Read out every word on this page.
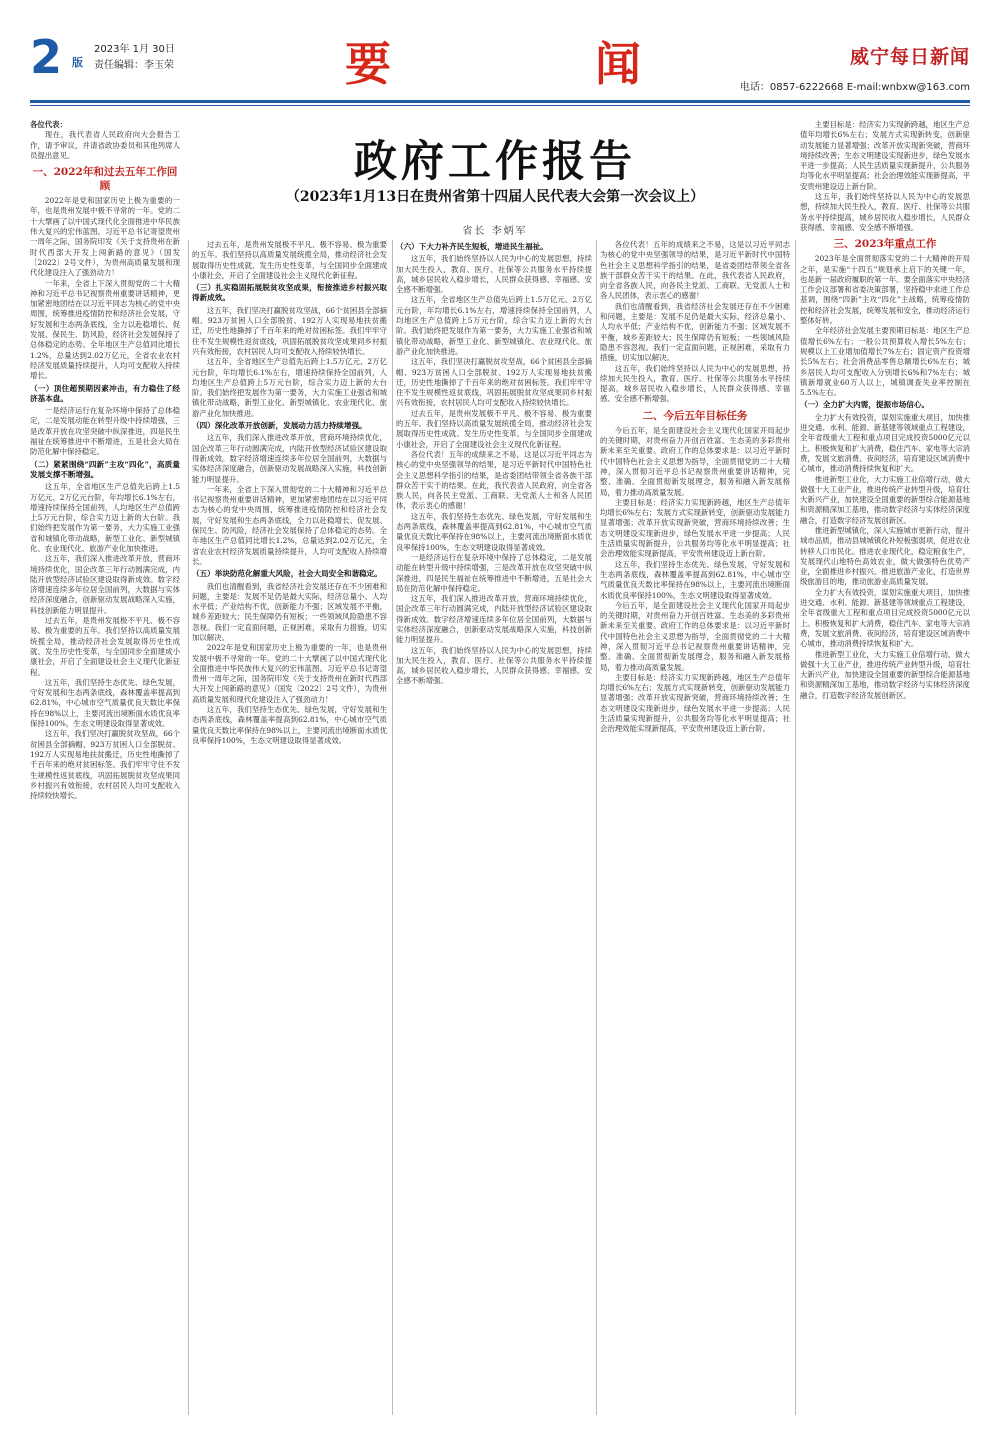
2 版
2023年 1月 30日
责任编辑：李玉荣	要	闻	威宁每日新闻
电话：0857-6222668 E-mail:wnbxw@163.com
政府工作报告
（2023年1月13日在贵州省第十四届人民代表大会第一次会议上）
省长 李炳军

各位代表：

现在，我代表省人民政府向大会报告工作，请予审议，并请省政协委员和其他列席人员提出意见。

一、2022年和过去五年工作回顾

2022年是党和国家历史上极为重要的一年，也是贵州发展中极不寻常的一年。党的二十大擘画了以中国式现代化全面推进中华民族伟大复兴的宏伟蓝图。习近平总书记寄望贵州一周年之际，国务院印发《关于支持贵州在新时代西部大开发上闯新路的意见》（国发〔2022〕2号文件），为贵州高质量发展和现代化建设注入了强劲动力！

一年来，全省上下深入贯彻党的二十大精神和习近平总书记视察贵州重要讲话精神，更加紧密地团结在以习近平同志为核心的党中央周围，统筹推进疫情防控和经济社会发展，守好发展和生态两条底线，全力以赴稳增长、促发展、保民生、防风险，经济社会发展保持了总体稳定的态势。全年地区生产总值同比增长1.2%，总量达到2.02万亿元，全省农业农村经济发展质量持续提升，人均可支配收入持续增长。

（一）顶住超预期因素冲击，有力稳住了经济基本盘。

一是经济运行在复杂环境中保持了总体稳定，二是发展动能在转型升级中持续增强，三是改革开放在攻坚突破中纵深推进，四是民生福祉在统筹推进中不断增进，五是社会大局在防范化解中保持稳定。

（二）紧紧围绕“四新”主攻“四化”，高质量发展支撑不断增强。

这五年，全省地区生产总值先后跨上1.5万亿元、2万亿元台阶，年均增长6.1%左右，增速持续保持全国前列，人均地区生产总值跨上5万元台阶，综合实力迈上新的大台阶。我们始终把发展作为第一要务，大力实施工业强省和城镇化带动战略，新型工业化、新型城镇化、农业现代化、旅游产业化加快推进。

这五年，我们深入推进改革开放，营商环境持续优化，国企改革三年行动圆满完成，内陆开放型经济试验区建设取得新成效。数字经济增速连续多年位居全国前列，大数据与实体经济深度融合，创新驱动发展战略深入实施，科技创新能力明显提升。

过去五年，是贵州发展极不平凡、极不容易、极为重要的五年。我们坚持以高质量发展统揽全局，推动经济社会发展取得历史性成就、发生历史性变革，与全国同步全面建成小康社会，开启了全面建设社会主义现代化新征程。

这五年，我们坚持生态优先、绿色发展，守好发展和生态两条底线，森林覆盖率提高到62.81%，中心城市空气质量优良天数比率保持在98%以上，主要河流出境断面水质优良率保持100%，生态文明建设取得显著成效。

这五年，我们坚决打赢脱贫攻坚战，66个贫困县全部摘帽、923万贫困人口全部脱贫、192万人实现易地扶贫搬迁，历史性地撕掉了千百年来的绝对贫困标签。我们牢牢守住不发生规模性返贫底线，巩固拓展脱贫攻坚成果同乡村振兴有效衔接，农村居民人均可支配收入持续较快增长。

过去五年，是贵州发展极不平凡、极不容易、极为重要的五年。我们坚持以高质量发展统揽全局，推动经济社会发展取得历史性成就、发生历史性变革，与全国同步全面建成小康社会，开启了全面建设社会主义现代化新征程。

（三）扎实稳固拓展脱贫攻坚成果，衔接推进乡村振兴取得新成效。

这五年，我们坚决打赢脱贫攻坚战，66个贫困县全部摘帽、923万贫困人口全部脱贫、192万人实现易地扶贫搬迁，历史性地撕掉了千百年来的绝对贫困标签。我们牢牢守住不发生规模性返贫底线，巩固拓展脱贫攻坚成果同乡村振兴有效衔接，农村居民人均可支配收入持续较快增长。

这五年，全省地区生产总值先后跨上1.5万亿元、2万亿元台阶，年均增长6.1%左右，增速持续保持全国前列，人均地区生产总值跨上5万元台阶，综合实力迈上新的大台阶。我们始终把发展作为第一要务，大力实施工业强省和城镇化带动战略，新型工业化、新型城镇化、农业现代化、旅游产业化加快推进。

（四）深化改革开放创新，发展动力活力持续增强。

这五年，我们深入推进改革开放，营商环境持续优化，国企改革三年行动圆满完成，内陆开放型经济试验区建设取得新成效。数字经济增速连续多年位居全国前列，大数据与实体经济深度融合，创新驱动发展战略深入实施，科技创新能力明显提升。

一年来，全省上下深入贯彻党的二十大精神和习近平总书记视察贵州重要讲话精神，更加紧密地团结在以习近平同志为核心的党中央周围，统筹推进疫情防控和经济社会发展，守好发展和生态两条底线，全力以赴稳增长、促发展、保民生、防风险，经济社会发展保持了总体稳定的态势。全年地区生产总值同比增长1.2%，总量达到2.02万亿元，全省农业农村经济发展质量持续提升，人均可支配收入持续增长。

（五）举块防范化解重大风险，社会大局安全和谐稳定。

我们也清醒看到，我省经济社会发展还存在不少困难和问题，主要是：发展不足仍是最大实际，经济总量小、人均水平低；产业结构不优，创新能力不强；区域发展不平衡，城乡差距较大；民生保障仍有短板；一些领域风险隐患不容忽视。我们一定直面问题，正视困难，采取有力措施，切实加以解决。

2022年是党和国家历史上极为重要的一年，也是贵州发展中极不寻常的一年。党的二十大擘画了以中国式现代化全面推进中华民族伟大复兴的宏伟蓝图。习近平总书记寄望贵州一周年之际，国务院印发《关于支持贵州在新时代西部大开发上闯新路的意见》（国发〔2022〕2号文件），为贵州高质量发展和现代化建设注入了强劲动力！

这五年，我们坚持生态优先、绿色发展，守好发展和生态两条底线，森林覆盖率提高到62.81%，中心城市空气质量优良天数比率保持在98%以上，主要河流出境断面水质优良率保持100%，生态文明建设取得显著成效。

（六）下大力补齐民生短板，增进民生福祉。

这五年，我们始终坚持以人民为中心的发展思想，持续加大民生投入，教育、医疗、社保等公共服务水平持续提高，城乡居民收入稳步增长，人民群众获得感、幸福感、安全感不断增强。

这五年，全省地区生产总值先后跨上1.5万亿元、2万亿元台阶，年均增长6.1%左右，增速持续保持全国前列，人均地区生产总值跨上5万元台阶，综合实力迈上新的大台阶。我们始终把发展作为第一要务，大力实施工业强省和城镇化带动战略，新型工业化、新型城镇化、农业现代化、旅游产业化加快推进。

这五年，我们坚决打赢脱贫攻坚战，66个贫困县全部摘帽、923万贫困人口全部脱贫、192万人实现易地扶贫搬迁，历史性地撕掉了千百年来的绝对贫困标签。我们牢牢守住不发生规模性返贫底线，巩固拓展脱贫攻坚成果同乡村振兴有效衔接，农村居民人均可支配收入持续较快增长。

过去五年，是贵州发展极不平凡、极不容易、极为重要的五年。我们坚持以高质量发展统揽全局，推动经济社会发展取得历史性成就、发生历史性变革，与全国同步全面建成小康社会，开启了全面建设社会主义现代化新征程。

各位代表！五年的成绩来之不易，这是以习近平同志为核心的党中央坚强领导的结果，是习近平新时代中国特色社会主义思想科学指引的结果，是省委团结带领全省各族干部群众苦干实干的结果。在此，我代表省人民政府，向全省各族人民，向各民主党派、工商联、无党派人士和各人民团体，表示衷心的感谢！

这五年，我们坚持生态优先、绿色发展，守好发展和生态两条底线，森林覆盖率提高到62.81%，中心城市空气质量优良天数比率保持在98%以上，主要河流出境断面水质优良率保持100%，生态文明建设取得显著成效。

一是经济运行在复杂环境中保持了总体稳定，二是发展动能在转型升级中持续增强，三是改革开放在攻坚突破中纵深推进，四是民生福祉在统筹推进中不断增进，五是社会大局在防范化解中保持稳定。

这五年，我们深入推进改革开放，营商环境持续优化，国企改革三年行动圆满完成，内陆开放型经济试验区建设取得新成效。数字经济增速连续多年位居全国前列，大数据与实体经济深度融合，创新驱动发展战略深入实施，科技创新能力明显提升。

这五年，我们始终坚持以人民为中心的发展思想，持续加大民生投入，教育、医疗、社保等公共服务水平持续提高，城乡居民收入稳步增长，人民群众获得感、幸福感、安全感不断增强。

各位代表！五年的成绩来之不易，这是以习近平同志为核心的党中央坚强领导的结果，是习近平新时代中国特色社会主义思想科学指引的结果，是省委团结带领全省各族干部群众苦干实干的结果。在此，我代表省人民政府，向全省各族人民，向各民主党派、工商联、无党派人士和各人民团体，表示衷心的感谢！

我们也清醒看到，我省经济社会发展还存在不少困难和问题，主要是：发展不足仍是最大实际，经济总量小、人均水平低；产业结构不优，创新能力不强；区域发展不平衡，城乡差距较大；民生保障仍有短板；一些领域风险隐患不容忽视。我们一定直面问题，正视困难，采取有力措施，切实加以解决。

这五年，我们始终坚持以人民为中心的发展思想，持续加大民生投入，教育、医疗、社保等公共服务水平持续提高，城乡居民收入稳步增长，人民群众获得感、幸福感、安全感不断增强。

二、今后五年目标任务

今后五年，是全面建设社会主义现代化国家开局起步的关键时期，对贵州奋力开创百姓富、生态美的多彩贵州新未来至关重要。政府工作的总体要求是：以习近平新时代中国特色社会主义思想为指导，全面贯彻党的二十大精神，深入贯彻习近平总书记视察贵州重要讲话精神，完整、准确、全面贯彻新发展理念，服务和融入新发展格局，着力推动高质量发展。

主要目标是：经济实力实现新跨越，地区生产总值年均增长6%左右；发展方式实现新转变，创新驱动发展能力显著增强；改革开放实现新突破，营商环境持续改善；生态文明建设实现新进步，绿色发展水平进一步提高；人民生活质量实现新提升，公共服务均等化水平明显提高；社会治理效能实现新提高，平安贵州建设迈上新台阶。

这五年，我们坚持生态优先、绿色发展，守好发展和生态两条底线，森林覆盖率提高到62.81%，中心城市空气质量优良天数比率保持在98%以上，主要河流出境断面水质优良率保持100%，生态文明建设取得显著成效。

今后五年，是全面建设社会主义现代化国家开局起步的关键时期，对贵州奋力开创百姓富、生态美的多彩贵州新未来至关重要。政府工作的总体要求是：以习近平新时代中国特色社会主义思想为指导，全面贯彻党的二十大精神，深入贯彻习近平总书记视察贵州重要讲话精神，完整、准确、全面贯彻新发展理念，服务和融入新发展格局，着力推动高质量发展。

主要目标是：经济实力实现新跨越，地区生产总值年均增长6%左右；发展方式实现新转变，创新驱动发展能力显著增强；改革开放实现新突破，营商环境持续改善；生态文明建设实现新进步，绿色发展水平进一步提高；人民生活质量实现新提升，公共服务均等化水平明显提高；社会治理效能实现新提高，平安贵州建设迈上新台阶。

主要目标是：经济实力实现新跨越，地区生产总值年均增长6%左右；发展方式实现新转变，创新驱动发展能力显著增强；改革开放实现新突破，营商环境持续改善；生态文明建设实现新进步，绿色发展水平进一步提高；人民生活质量实现新提升，公共服务均等化水平明显提高；社会治理效能实现新提高，平安贵州建设迈上新台阶。

这五年，我们始终坚持以人民为中心的发展思想，持续加大民生投入，教育、医疗、社保等公共服务水平持续提高，城乡居民收入稳步增长，人民群众获得感、幸福感、安全感不断增强。

三、2023年重点工作

2023年是全面贯彻落实党的二十大精神的开局之年，是实施“十四五”规划承上启下的关键一年，也是新一届政府履职的第一年。要全面落实中央经济工作会议部署和省委决策部署，坚持稳中求进工作总基调，围绕“四新”主攻“四化”主战略，统筹疫情防控和经济社会发展，统筹发展和安全，推动经济运行整体好转。

全年经济社会发展主要预期目标是：地区生产总值增长6%左右；一般公共预算收入增长5%左右；规模以上工业增加值增长7%左右；固定资产投资增长5%左右；社会消费品零售总额增长6%左右；城乡居民人均可支配收入分别增长6%和7%左右；城镇新增就业60万人以上，城镇调查失业率控制在5.5%左右。

（一）全力扩大内需，提振市场信心。

全力扩大有效投资，谋划实施重大项目，加快推进交通、水利、能源、新基建等领域重点工程建设，全年省级重大工程和重点项目完成投资5000亿元以上。积极恢复和扩大消费，稳住汽车、家电等大宗消费，发展文旅消费、夜间经济，培育建设区域消费中心城市，推动消费持续恢复和扩大。

推进新型工业化，大力实施工业倍增行动，做大做强十大工业产业，推进传统产业转型升级，培育壮大新兴产业，加快建设全国重要的新型综合能源基地和资源精深加工基地，推动数字经济与实体经济深度融合，打造数字经济发展创新区。

推进新型城镇化，深入实施城市更新行动，提升城市品质，推动县城城镇化补短板强弱项，促进农业转移人口市民化。推进农业现代化，稳定粮食生产，发展现代山地特色高效农业，做大做强特色优势产业，全面推进乡村振兴。推进旅游产业化，打造世界级旅游目的地，推动旅游业高质量发展。

全力扩大有效投资，谋划实施重大项目，加快推进交通、水利、能源、新基建等领域重点工程建设，全年省级重大工程和重点项目完成投资5000亿元以上。积极恢复和扩大消费，稳住汽车、家电等大宗消费，发展文旅消费、夜间经济，培育建设区域消费中心城市，推动消费持续恢复和扩大。

推进新型工业化，大力实施工业倍增行动，做大做强十大工业产业，推进传统产业转型升级，培育壮大新兴产业，加快建设全国重要的新型综合能源基地和资源精深加工基地，推动数字经济与实体经济深度融合，打造数字经济发展创新区。
